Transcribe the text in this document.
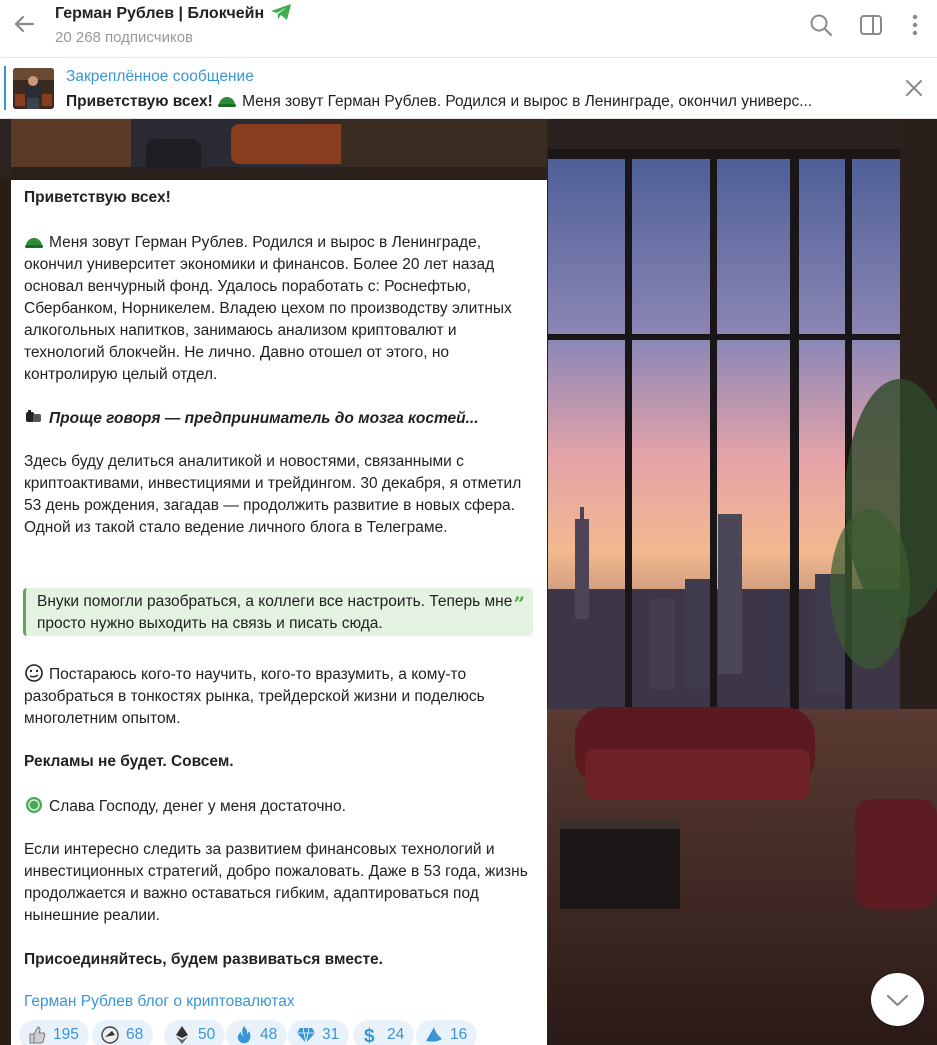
Герман Рублев | Блокчейн
20 268 подписчиков
Закреплённое сообщение
Приветствую всех! Меня зовут Герман Рублев. Родился и вырос в Ленинграде, окончил универс...
Приветствую всех!
Меня зовут Герман Рублев. Родился и вырос в Ленинграде, окончил университет экономики и финансов. Более 20 лет назад основал венчурный фонд. Удалось поработать с: Роснефтью, Сбербанком, Норникелем. Владею цехом по производству элитных алкогольных напитков, занимаюсь анализом криптовалют и технологий блокчейн. Не лично. Давно отошел от этого, но контролирую целый отдел.
Проще говоря — предприниматель до мозга костей...
Здесь буду делиться аналитикой и новостями, связанными с криптоактивами, инвестициями и трейдингом. 30 декабря, я отметил 53 день рождения, загадав — продолжить развитие в новых сфера. Одной из такой стало ведение личного блога в Телеграме.
Внуки помогли разобраться, а коллеги все настроить. Теперь мне просто нужно выходить на связь и писать сюда.
”
Постараюсь кого-то научить, кого-то вразумить, а кому-то разобраться в тонкостях рынка, трейдерской жизни и поделюсь многолетним опытом.
Рекламы не будет. Совсем.
Слава Господу, денег у меня достаточно.
Если интересно следить за развитием финансовых технологий и инвестиционных стратегий, добро пожаловать. Даже в 53 года, жизнь продолжается и важно оставаться гибким, адаптироваться под нынешние реалии.
Присоединяйтесь, будем развиваться вместе.
Герман Рублев блог о криптовалютах
195	68	50	48	31 $ 24	16
